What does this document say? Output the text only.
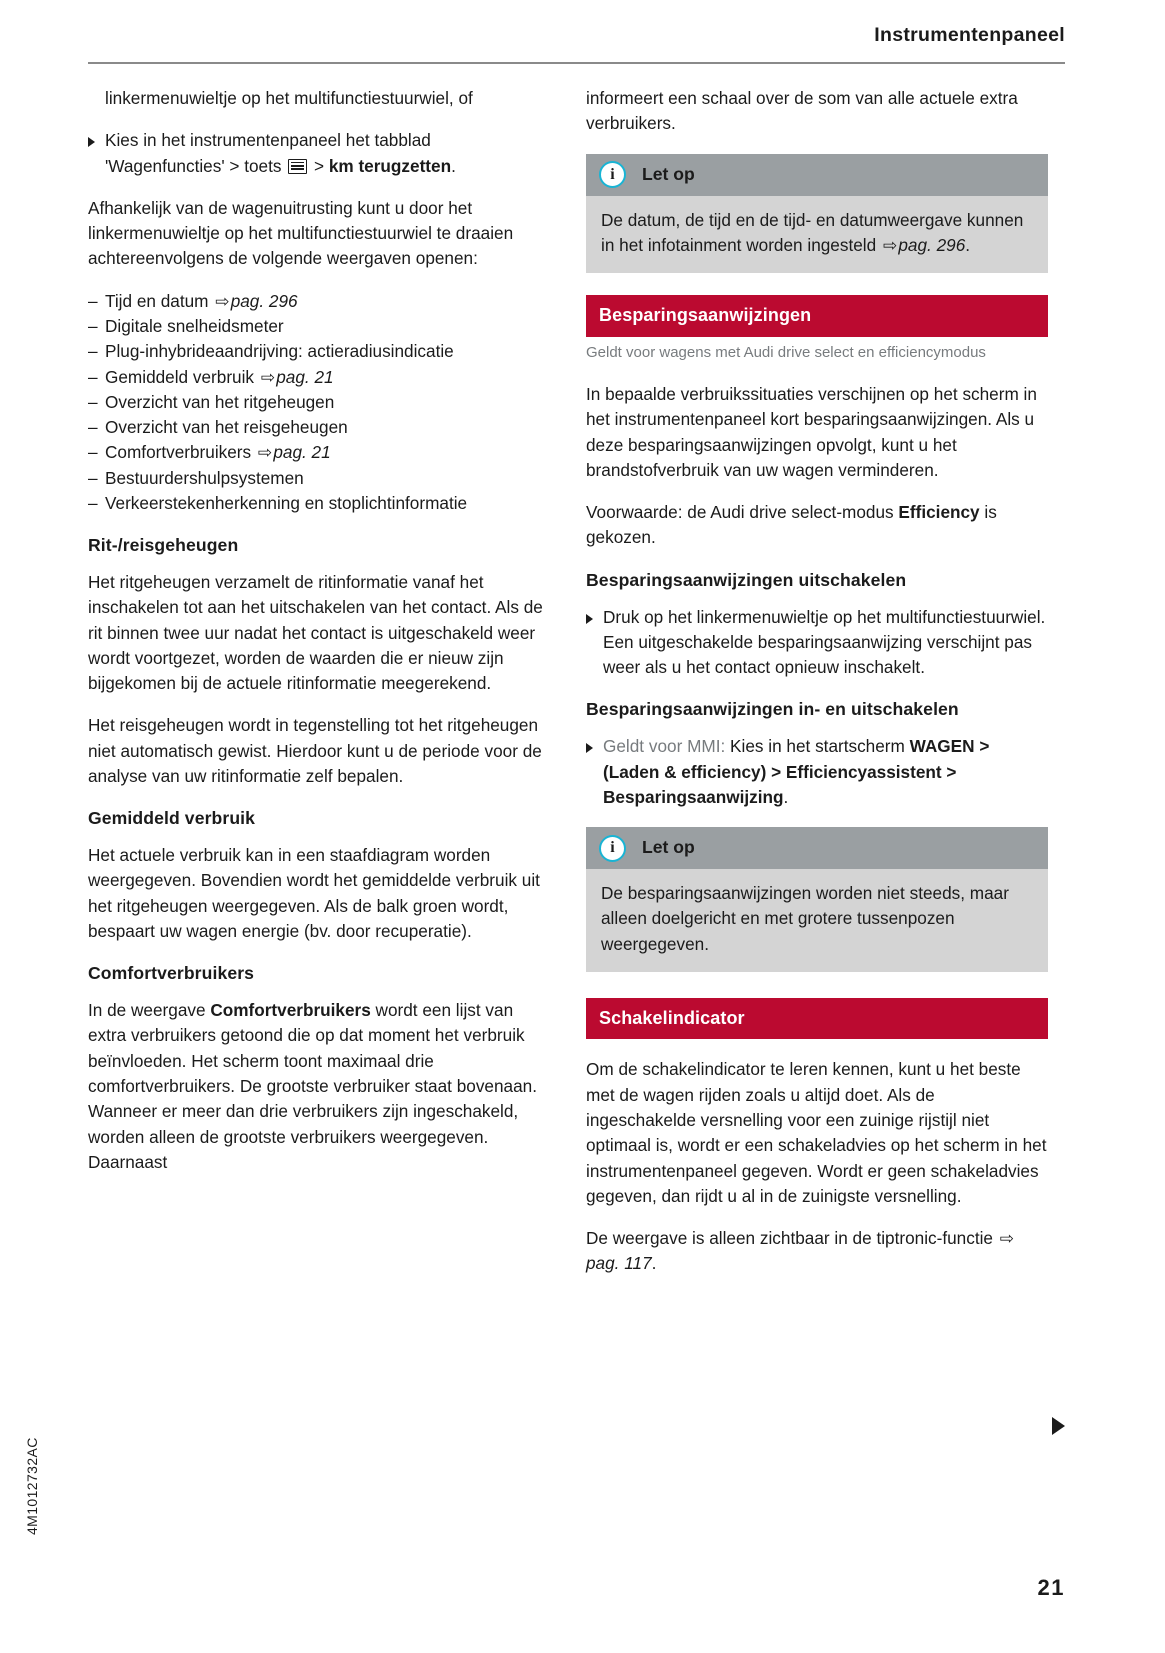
Instrumentenpaneel
linkermenuwieltje op het multifunctiestuurwiel, of
Kies in het instrumentenpaneel het tabblad 'Wagenfuncties' > toets
> km terugzetten.

Afhankelijk van de wagenuitrusting kunt u door het linkermenuwieltje op het multifunctiestuurwiel te draaien achtereenvolgens de volgende weergaven openen:

– Tijd en datum ⇨pag. 296
– Digitale snelheidsmeter
– Plug-inhybrideaandrijving: actieradiusindicatie
– Gemiddeld verbruik ⇨pag. 21
– Overzicht van het ritgeheugen
– Overzicht van het reisgeheugen
– Comfortverbruikers ⇨pag. 21
– Bestuurdershulpsystemen
– Verkeerstekenherkenning en stoplichtinformatie
Rit-/reisgeheugen

Het ritgeheugen verzamelt de ritinformatie vanaf het inschakelen tot aan het uitschakelen van het contact. Als de rit binnen twee uur nadat het contact is uitgeschakeld weer wordt voortgezet, worden de waarden die er nieuw zijn bijgekomen bij de actuele ritinformatie meegerekend.

Het reisgeheugen wordt in tegenstelling tot het ritgeheugen niet automatisch gewist. Hierdoor kunt u de periode voor de analyse van uw ritinformatie zelf bepalen.

Gemiddeld verbruik

Het actuele verbruik kan in een staafdiagram worden weergegeven. Bovendien wordt het gemiddelde verbruik uit het ritgeheugen weergegeven. Als de balk groen wordt, bespaart uw wagen energie (bv. door recuperatie).

Comfortverbruikers

In de weergave Comfortverbruikers wordt een lijst van extra verbruikers getoond die op dat moment het verbruik beïnvloeden. Het scherm toont maximaal drie comfortverbruikers. De grootste verbruiker staat bovenaan. Wanneer er meer dan drie verbruikers zijn ingeschakeld, worden alleen de grootste verbruikers weergegeven. Daarnaast

informeert een schaal over de som van alle actuele extra verbruikers.

i	Let op
De datum, de tijd en de tijd- en datumweergave kunnen in het infotainment worden ingesteld ⇨pag. 296.
Besparingsaanwijzingen
Geldt voor wagens met Audi drive select en efficiencymodus

In bepaalde verbruikssituaties verschijnen op het scherm in het instrumentenpaneel kort besparingsaanwijzingen. Als u deze besparingsaanwijzingen opvolgt, kunt u het brandstofverbruik van uw wagen verminderen.

Voorwaarde: de Audi drive select-modus Efficiency is gekozen.

Besparingsaanwijzingen uitschakelen
Druk op het linkermenuwieltje op het multifunctiestuurwiel. Een uitgeschakelde besparingsaanwijzing verschijnt pas weer als u het contact opnieuw inschakelt.
Besparingsaanwijzingen in- en uitschakelen
Geldt voor MMI: Kies in het startscherm WAGEN > (Laden & efficiency) > Efficiencyassistent > Besparingsaanwijzing.
i	Let op
De besparingsaanwijzingen worden niet steeds, maar alleen doelgericht en met grotere tussenpozen weergegeven.
Schakelindicator

Om de schakelindicator te leren kennen, kunt u het beste met de wagen rijden zoals u altijd doet. Als de ingeschakelde versnelling voor een zuinige rijstijl niet optimaal is, wordt er een schakeladvies op het scherm in het instrumentenpaneel gegeven. Wordt er geen schakeladvies gegeven, dan rijdt u al in de zuinigste versnelling.

De weergave is alleen zichtbaar in de tiptronic-functie ⇨pag. 117.

4M1012732AC
21
